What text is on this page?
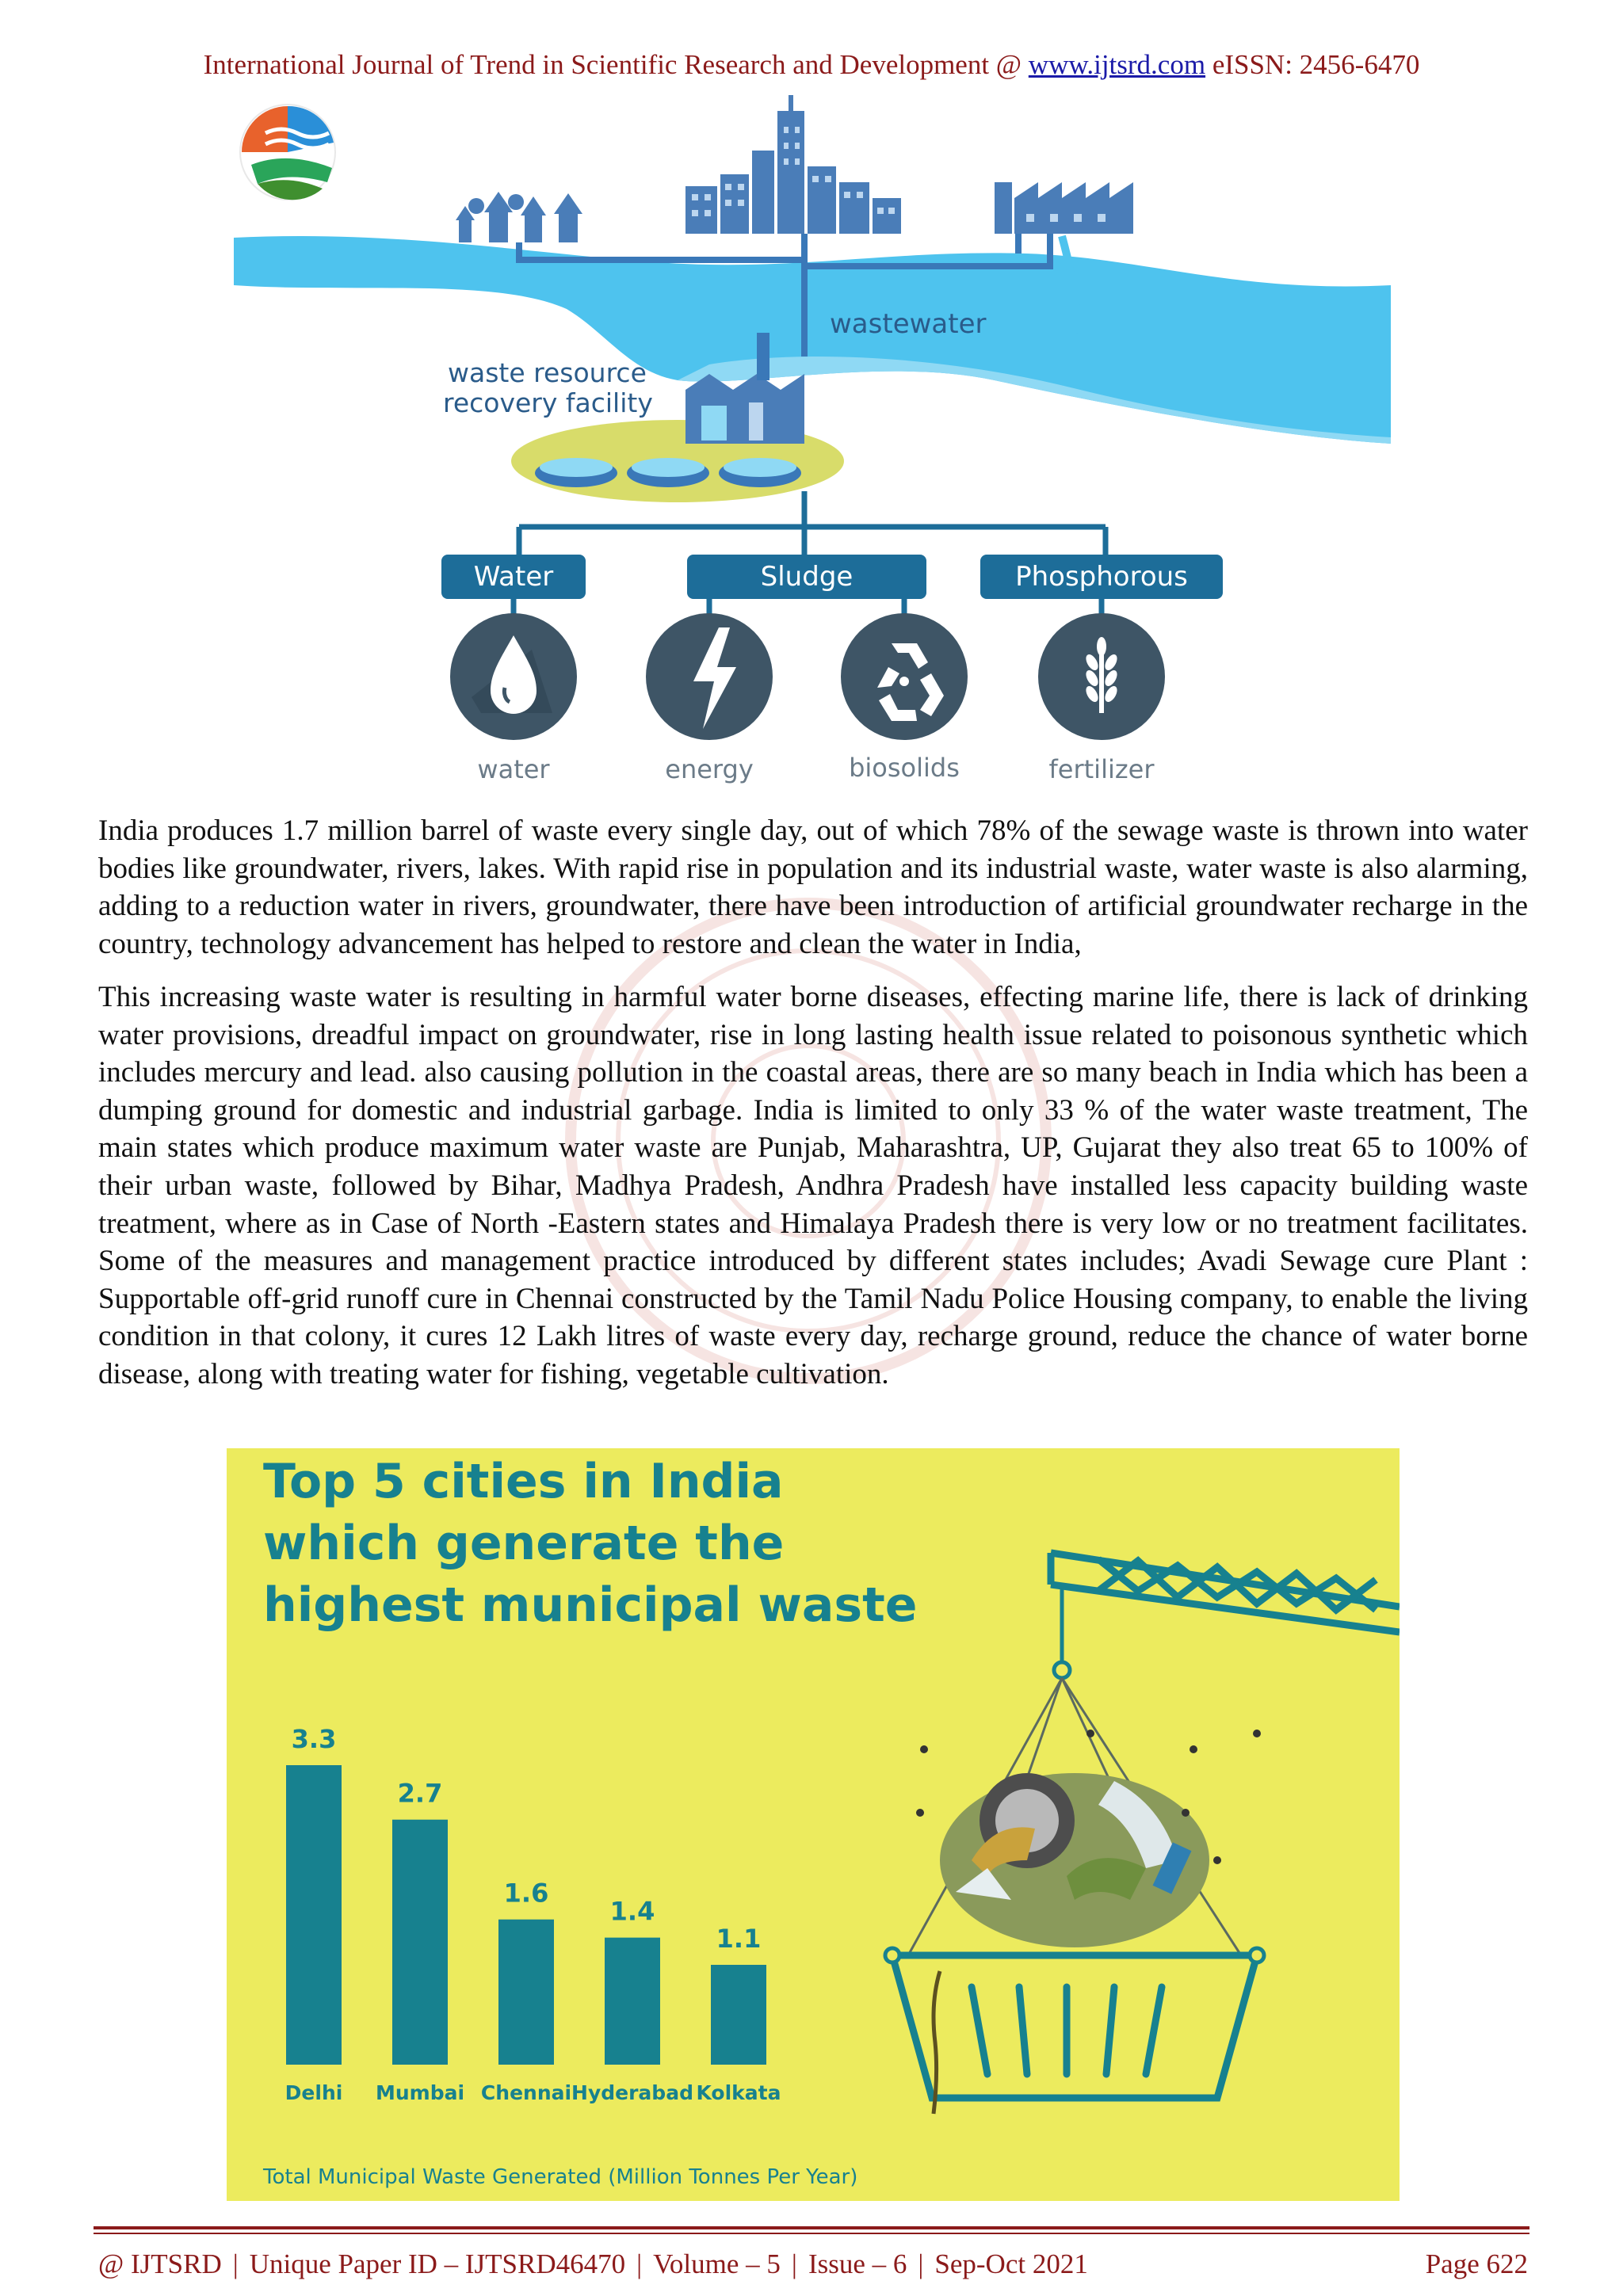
International Journal of Trend in Scientific Research and Development @ www.ijtsrd.com eISSN: 2456-6470
wastewater
waste resource
recovery facility
Water	Sludge	Phosphorous
water	energy	biosolids	fertilizer

India produces 1.7 million barrel of waste every single day, out of which 78% of the sewage waste is thrown into water bodies like groundwater, rivers, lakes. With rapid rise in population and its industrial waste, water waste is also alarming, adding to a reduction water in rivers, groundwater, there have been introduction of artificial groundwater recharge in the country, technology advancement has helped to restore and clean the water in India,

This increasing waste water is resulting in harmful water borne diseases, effecting marine life, there is lack of drinking water provisions, dreadful impact on groundwater, rise in long lasting health issue related to poisonous synthetic which includes mercury and lead. also causing pollution in the coastal areas, there are so many beach in India which has been a dumping ground for domestic and industrial garbage. India is limited to only 33 % of the water waste treatment, The main states which produce maximum water waste are Punjab, Maharashtra, UP, Gujarat they also treat 65 to 100% of their urban waste, followed by Bihar, Madhya Pradesh, Andhra Pradesh have installed less capacity building waste treatment, where as in Case of North -Eastern states and Himalaya Pradesh there is very low or no treatment facilitates. Some of the measures and management practice introduced by different states includes; Avadi Sewage cure Plant : Supportable off-grid runoff cure in Chennai constructed by the Tamil Nadu Police Housing company, to enable the living condition in that colony, it cures 12 Lakh litres of waste every day, recharge ground, reduce the chance of water borne disease, along with treating water for fishing, vegetable cultivation.

Top 5 cities in India
which generate the
highest municipal waste
3.3
Delhi
2.7
Mumbai
1.6
Chennai
1.4
Hyderabad
1.1
Kolkata
Total Municipal Waste Generated (Million Tonnes Per Year)
@ IJTSRD | Unique Paper ID – IJTSRD46470 | Volume – 5 | Issue – 6 | Sep-Oct 2021	Page 622
